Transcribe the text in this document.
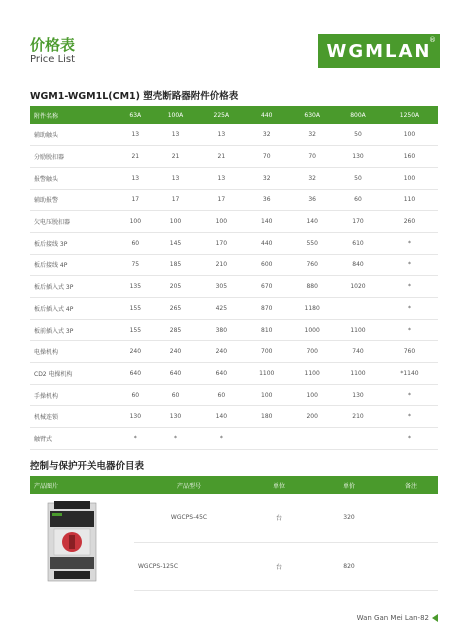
价格表
Price List	WGMLAN
®
WGM1-WGM1L(CM1) 塑壳断路器附件价格表
附件名称	63A	100A	225A	440	630A	800A	1250A
辅助触头	13	13	13	32	32	50	100
分励脱扣器	21	21	21	70	70	130	160
报警触头	13	13	13	32	32	50	100
辅助报警	17	17	17	36	36	60	110
欠电压脱扣器	100	100	100	140	140	170	260
板后接线 3P	60	145	170	440	550	610	*
板后接线 4P	75	185	210	600	760	840	*
板后插入式 3P	135	205	305	670	880	1020	*
板后插入式 4P	155	265	425	870	1180		*
板前插入式 3P	155	285	380	810	1000	1100	*
电操机构	240	240	240	700	700	740	760
CD2 电操机构	640	640	640	1100	1100	1100	*1140
手操机构	60	60	60	100	100	130	*
机械连锁	130	130	140	180	200	210	*
触臂式	*	*	*				*
控制与保护开关电器价目表
产品图片	产品型号	单位	单价	备注
	WGCPS-45C	台	320	
	WGCPS-125C	台	820	
Wan Gan Mei Lan-82
